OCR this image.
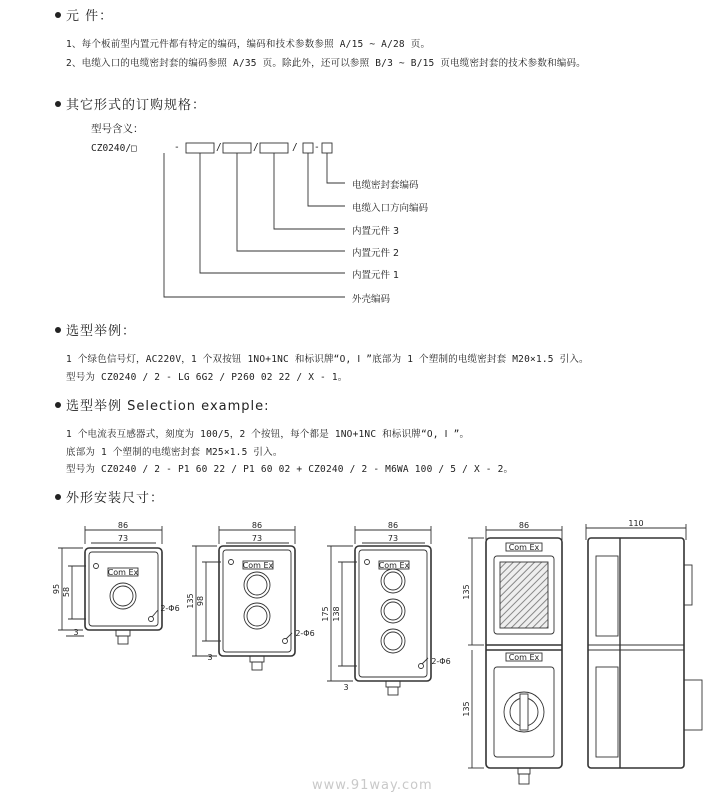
元 件：
1、每个板前型内置元件都有特定的编码，编码和技术参数参照 A/15 ~ A/28 页。
2、电缆入口的电缆密封套的编码参照 A/35 页。除此外，还可以参照 B/3 ~ B/15 页电缆密封套的技术参数和编码。
其它形式的订购规格：
型号含义：
CZ0240/□	-	/	/	/ -
电缆密封套编码
电缆入口方向编码
内置元件 3
内置元件 2
内置元件 1
外壳编码
选型举例：
1 个绿色信号灯，AC220V，1 个双按钮 1NO+1NC 和标识牌“O, Ⅰ ”底部为 1 个塑制的电缆密封套 M20×1.5 引入。
型号为 CZ0240 / 2 - LG 6G2 / P260 02 22 / X - 1。
选型举例 Selection example:
1 个电流表互感器式，刻度为 100/5，2 个按钮，每个都是 1NO+1NC 和标识牌“O, Ⅰ ”。
底部为 1 个塑制的电缆密封套 M25×1.5 引入。
型号为 CZ0240 / 2 - P1 60 22 / P1 60 02 + CZ0240 / 2 - M6WA 100 / 5 / X - 2。
外形安装尺寸：
86
73
Com Ex
95 58
3
2-Φ6
86
73
Com Ex
135 98
3
2-Φ6
86
73
Com Ex
175 138
3
2-Φ6
86
Com Ex
Com Ex
135
135
110
www.91way.com
